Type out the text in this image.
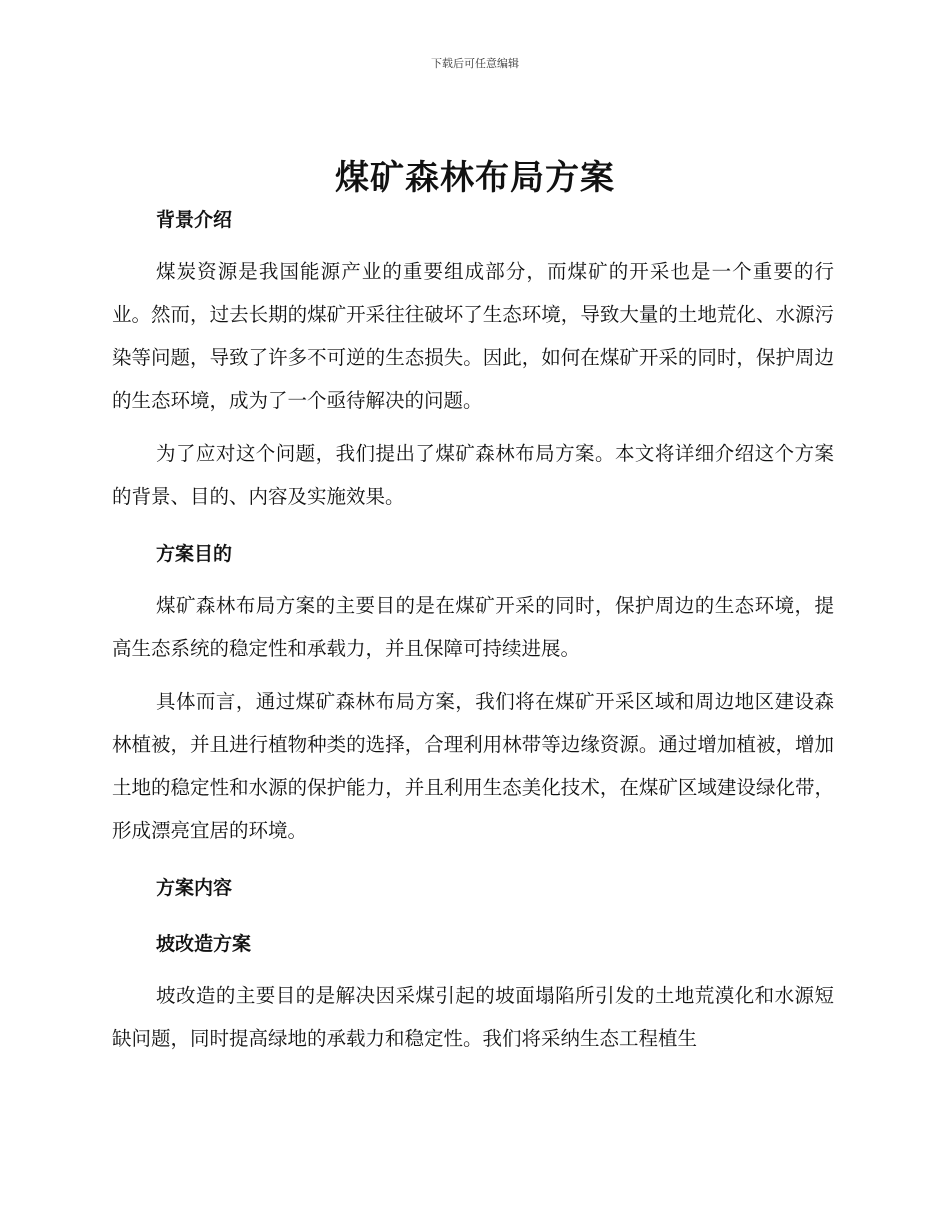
下载后可任意编辑
煤矿森林布局方案
背景介绍

煤炭资源是我国能源产业的重要组成部分，而煤矿的开采也是一个重要的行业。然而，过去长期的煤矿开采往往破坏了生态环境，导致大量的土地荒化、水源污染等问题，导致了许多不可逆的生态损失。因此，如何在煤矿开采的同时，保护周边的生态环境，成为了一个亟待解决的问题。

为了应对这个问题，我们提出了煤矿森林布局方案。本文将详细介绍这个方案的背景、目的、内容及实施效果。

方案目的

煤矿森林布局方案的主要目的是在煤矿开采的同时，保护周边的生态环境，提高生态系统的稳定性和承载力，并且保障可持续进展。

具体而言，通过煤矿森林布局方案，我们将在煤矿开采区域和周边地区建设森林植被，并且进行植物种类的选择，合理利用林带等边缘资源。通过增加植被，增加土地的稳定性和水源的保护能力，并且利用生态美化技术，在煤矿区域建设绿化带，形成漂亮宜居的环境。

方案内容
坡改造方案

坡改造的主要目的是解决因采煤引起的坡面塌陷所引发的土地荒漠化和水源短缺问题，同时提高绿地的承载力和稳定性。我们将采纳生态工程植生
